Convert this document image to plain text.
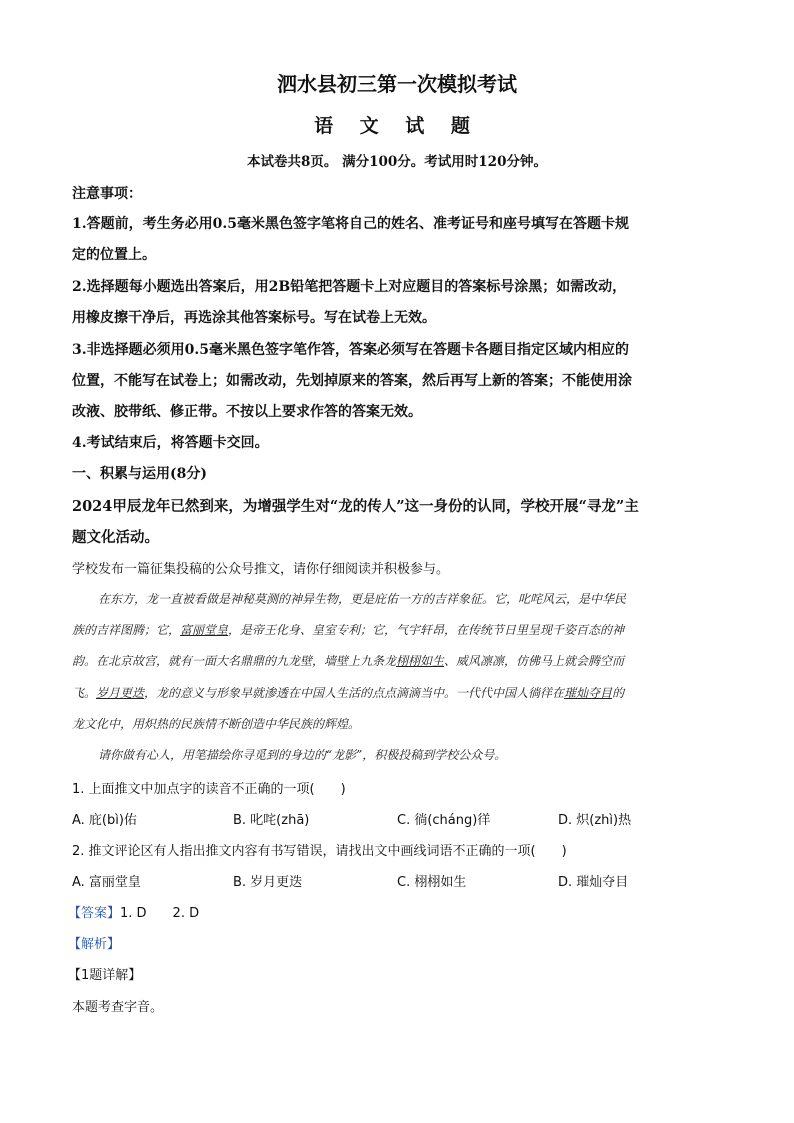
泗水县初三第一次模拟考试
语 文 试 题
本试卷共8页。 满分100分。考试用时120分钟。
注意事项：
1.答题前，考生务必用0.5毫米黑色签字笔将自己的姓名、准考证号和座号填写在答题卡规
定的位置上。
2.选择题每小题选出答案后，用2B铅笔把答题卡上对应题目的答案标号涂黑；如需改动，
用橡皮擦干净后，再选涂其他答案标号。写在试卷上无效。
3.非选择题必须用0.5毫米黑色签字笔作答，答案必须写在答题卡各题目指定区域内相应的
位置，不能写在试卷上；如需改动，先划掉原来的答案，然后再写上新的答案；不能使用涂
改液、胶带纸、修正带。不按以上要求作答的答案无效。
4.考试结束后，将答题卡交回。
一、积累与运用(8分)
2024甲辰龙年已然到来，为增强学生对“龙的传人”这一身份的认同，学校开展“寻龙”主
题文化活动。
学校发布一篇征集投稿的公众号推文，请你仔细阅读并积极参与。
在东方，龙一直被看做是神秘莫测的神异生物，更是庇佑一方的吉祥象征。它，叱咤风云，是中华民
族的吉祥图腾；它，富丽堂皇，是帝王化身、皇室专利；它，气宇轩昂，在传统节日里呈现千姿百态的神
韵。在北京故宫，就有一面大名鼎鼎的九龙壁，墙壁上九条龙栩栩如生、威风凛凛，仿佛马上就会腾空而
飞。岁月更迭，龙的意义与形象早就渗透在中国人生活的点点滴滴当中。一代代中国人徜徉在璀灿夺目的
龙文化中，用炽热的民族情不断创造中华民族的辉煌。
请你做有心人，用笔描绘你寻觅到的身边的“龙影”，积极投稿到学校公众号。
1. 上面推文中加点字的读音不正确的一项(　　)
A. 庇(bì)佑	B. 叱咤(zhā)	C. 徜(cháng)徉	D. 炽(zhì)热
2. 推文评论区有人指出推文内容有书写错误，请找出文中画线词语不正确的一项(　　)
A. 富丽堂皇	B. 岁月更迭	C. 栩栩如生	D. 璀灿夺目
【答案】1. D　　2. D
【解析】
【1题详解】
本题考查字音。
